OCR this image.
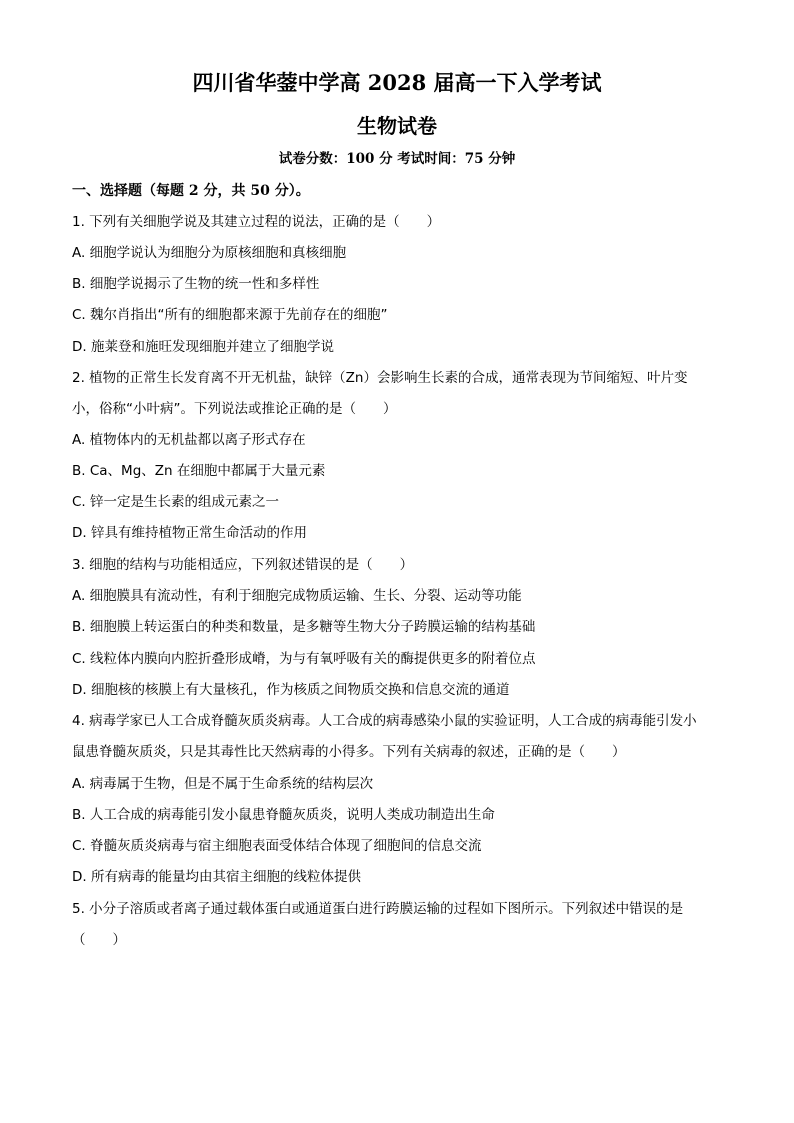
四川省华蓥中学高 2028 届高一下入学考试
生物试卷
试卷分数：100 分 考试时间：75 分钟
一、选择题（每题 2 分，共 50 分）。
1. 下列有关细胞学说及其建立过程的说法，正确的是（　　）
A. 细胞学说认为细胞分为原核细胞和真核细胞
B. 细胞学说揭示了生物的统一性和多样性
C. 魏尔肖指出“所有的细胞都来源于先前存在的细胞”
D. 施莱登和施旺发现细胞并建立了细胞学说
2. 植物的正常生长发育离不开无机盐，缺锌（Zn）会影响生长素的合成，通常表现为节间缩短、叶片变
小，俗称“小叶病”。下列说法或推论正确的是（　　）
A. 植物体内的无机盐都以离子形式存在
B. Ca、Mg、Zn 在细胞中都属于大量元素
C. 锌一定是生长素的组成元素之一
D. 锌具有维持植物正常生命活动的作用
3. 细胞的结构与功能相适应，下列叙述错误的是（　　）
A. 细胞膜具有流动性，有利于细胞完成物质运输、生长、分裂、运动等功能
B. 细胞膜上转运蛋白的种类和数量，是多糖等生物大分子跨膜运输的结构基础
C. 线粒体内膜向内腔折叠形成嵴，为与有氧呼吸有关的酶提供更多的附着位点
D. 细胞核的核膜上有大量核孔，作为核质之间物质交换和信息交流的通道
4. 病毒学家已人工合成脊髓灰质炎病毒。人工合成的病毒感染小鼠的实验证明，人工合成的病毒能引发小
鼠患脊髓灰质炎，只是其毒性比天然病毒的小得多。下列有关病毒的叙述，正确的是（　　）
A. 病毒属于生物，但是不属于生命系统的结构层次
B. 人工合成的病毒能引发小鼠患脊髓灰质炎，说明人类成功制造出生命
C. 脊髓灰质炎病毒与宿主细胞表面受体结合体现了细胞间的信息交流
D. 所有病毒的能量均由其宿主细胞的线粒体提供
5. 小分子溶质或者离子通过载体蛋白或通道蛋白进行跨膜运输的过程如下图所示。下列叙述中错误的是
（　　）
